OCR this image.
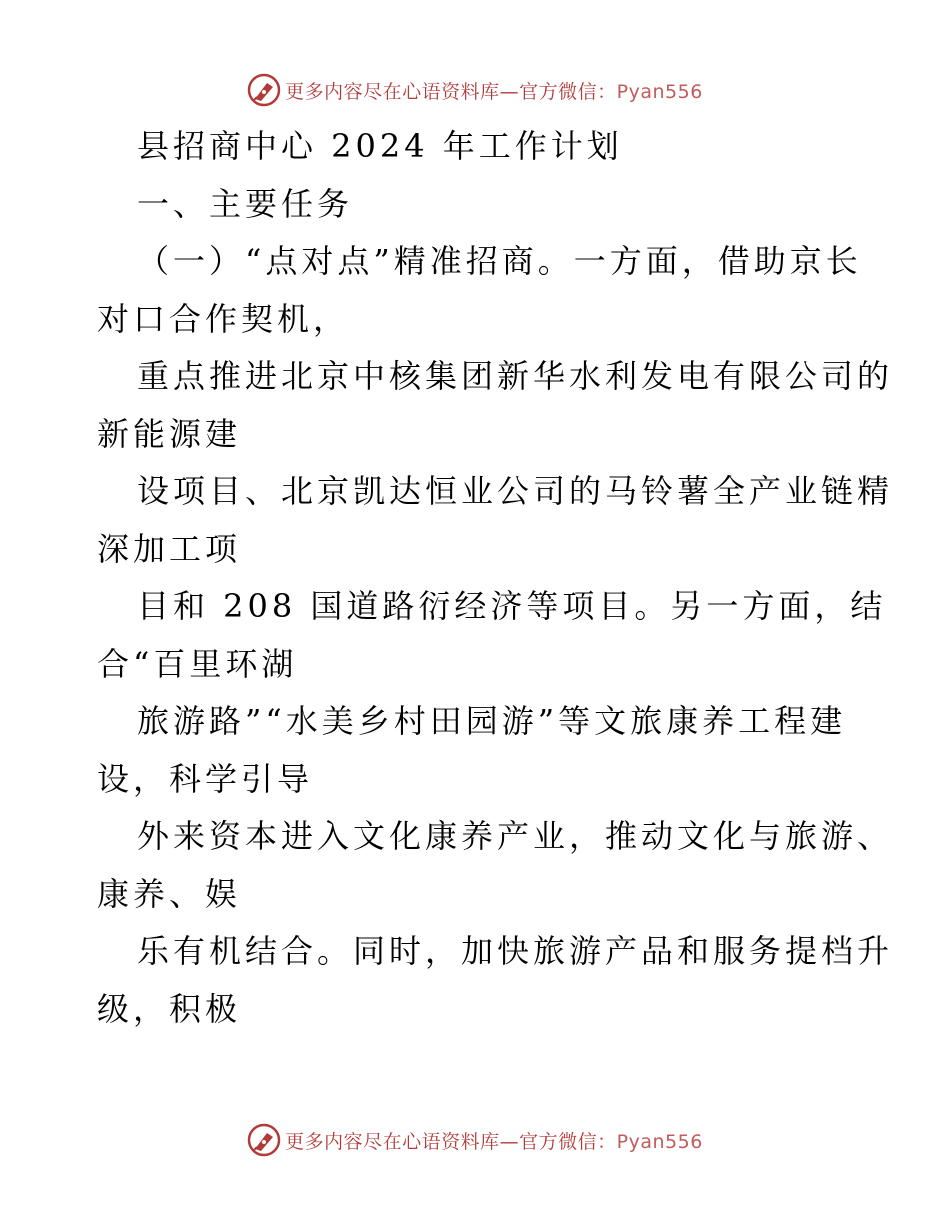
更多内容尽在心语资料库—官方微信：Pyan556
县招商中心 2024 年工作计划
一、主要任务
（一）“点对点”精准招商。一方面，借助京长
对口合作契机，
重点推进北京中核集团新华水利发电有限公司的
新能源建
设项目、北京凯达恒业公司的马铃薯全产业链精
深加工项
目和 208 国道路衍经济等项目。另一方面，结
合“百里环湖
旅游路”“水美乡村田园游”等文旅康养工程建
设，科学引导
外来资本进入文化康养产业，推动文化与旅游、
康养、娱
乐有机结合。同时，加快旅游产品和服务提档升
级，积极
更多内容尽在心语资料库—官方微信：Pyan556
